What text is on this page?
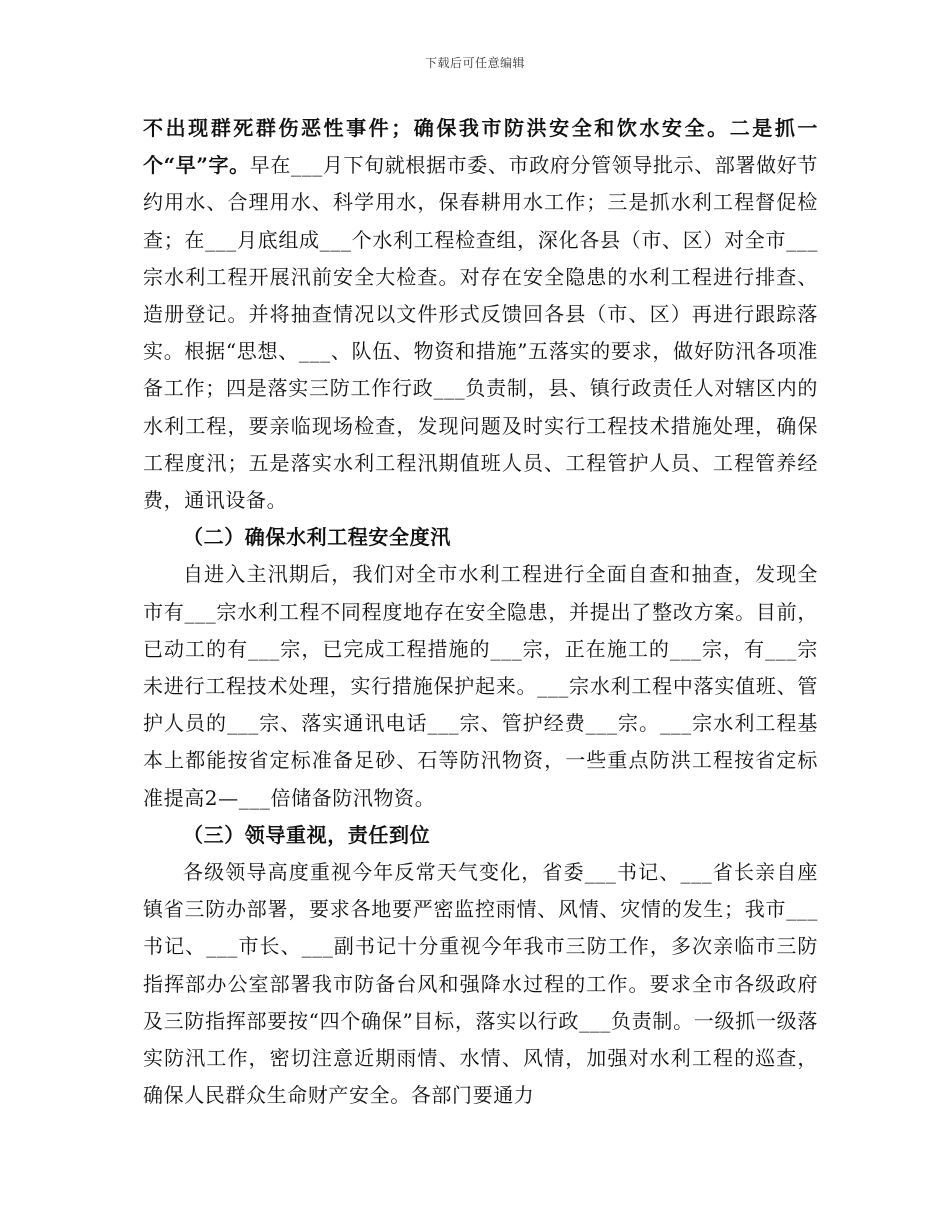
下载后可任意编辑

不出现群死群伤恶性事件；确保我市防洪安全和饮水安全。二是抓一个“早”字。早在___月下旬就根据市委、市政府分管领导批示、部署做好节约用水、合理用水、科学用水，保春耕用水工作；三是抓水利工程督促检查；在___月底组成___个水利工程检查组，深化各县（市、区）对全市___宗水利工程开展汛前安全大检查。对存在安全隐患的水利工程进行排查、造册登记。并将抽查情况以文件形式反馈回各县（市、区）再进行跟踪落实。根据“思想、___、队伍、物资和措施”五落实的要求，做好防汛各项准备工作；四是落实三防工作行政___负责制，县、镇行政责任人对辖区内的水利工程，要亲临现场检查，发现问题及时实行工程技术措施处理，确保工程度汛；五是落实水利工程汛期值班人员、工程管护人员、工程管养经费，通讯设备。

（二）确保水利工程安全度汛

自进入主汛期后，我们对全市水利工程进行全面自查和抽查，发现全市有___宗水利工程不同程度地存在安全隐患，并提出了整改方案。目前，已动工的有___宗，已完成工程措施的___宗，正在施工的___宗，有___宗未进行工程技术处理，实行措施保护起来。___宗水利工程中落实值班、管护人员的___宗、落实通讯电话___宗、管护经费___宗。___宗水利工程基本上都能按省定标准备足砂、石等防汛物资，一些重点防洪工程按省定标准提高2—___倍储备防汛物资。

（三）领导重视，责任到位

各级领导高度重视今年反常天气变化，省委___书记、___省长亲自座镇省三防办部署，要求各地要严密监控雨情、风情、灾情的发生；我市___书记、___市长、___副书记十分重视今年我市三防工作，多次亲临市三防指挥部办公室部署我市防备台风和强降水过程的工作。要求全市各级政府及三防指挥部要按“四个确保”目标，落实以行政___负责制。一级抓一级落实防汛工作，密切注意近期雨情、水情、风情，加强对水利工程的巡查，确保人民群众生命财产安全。各部门要通力
